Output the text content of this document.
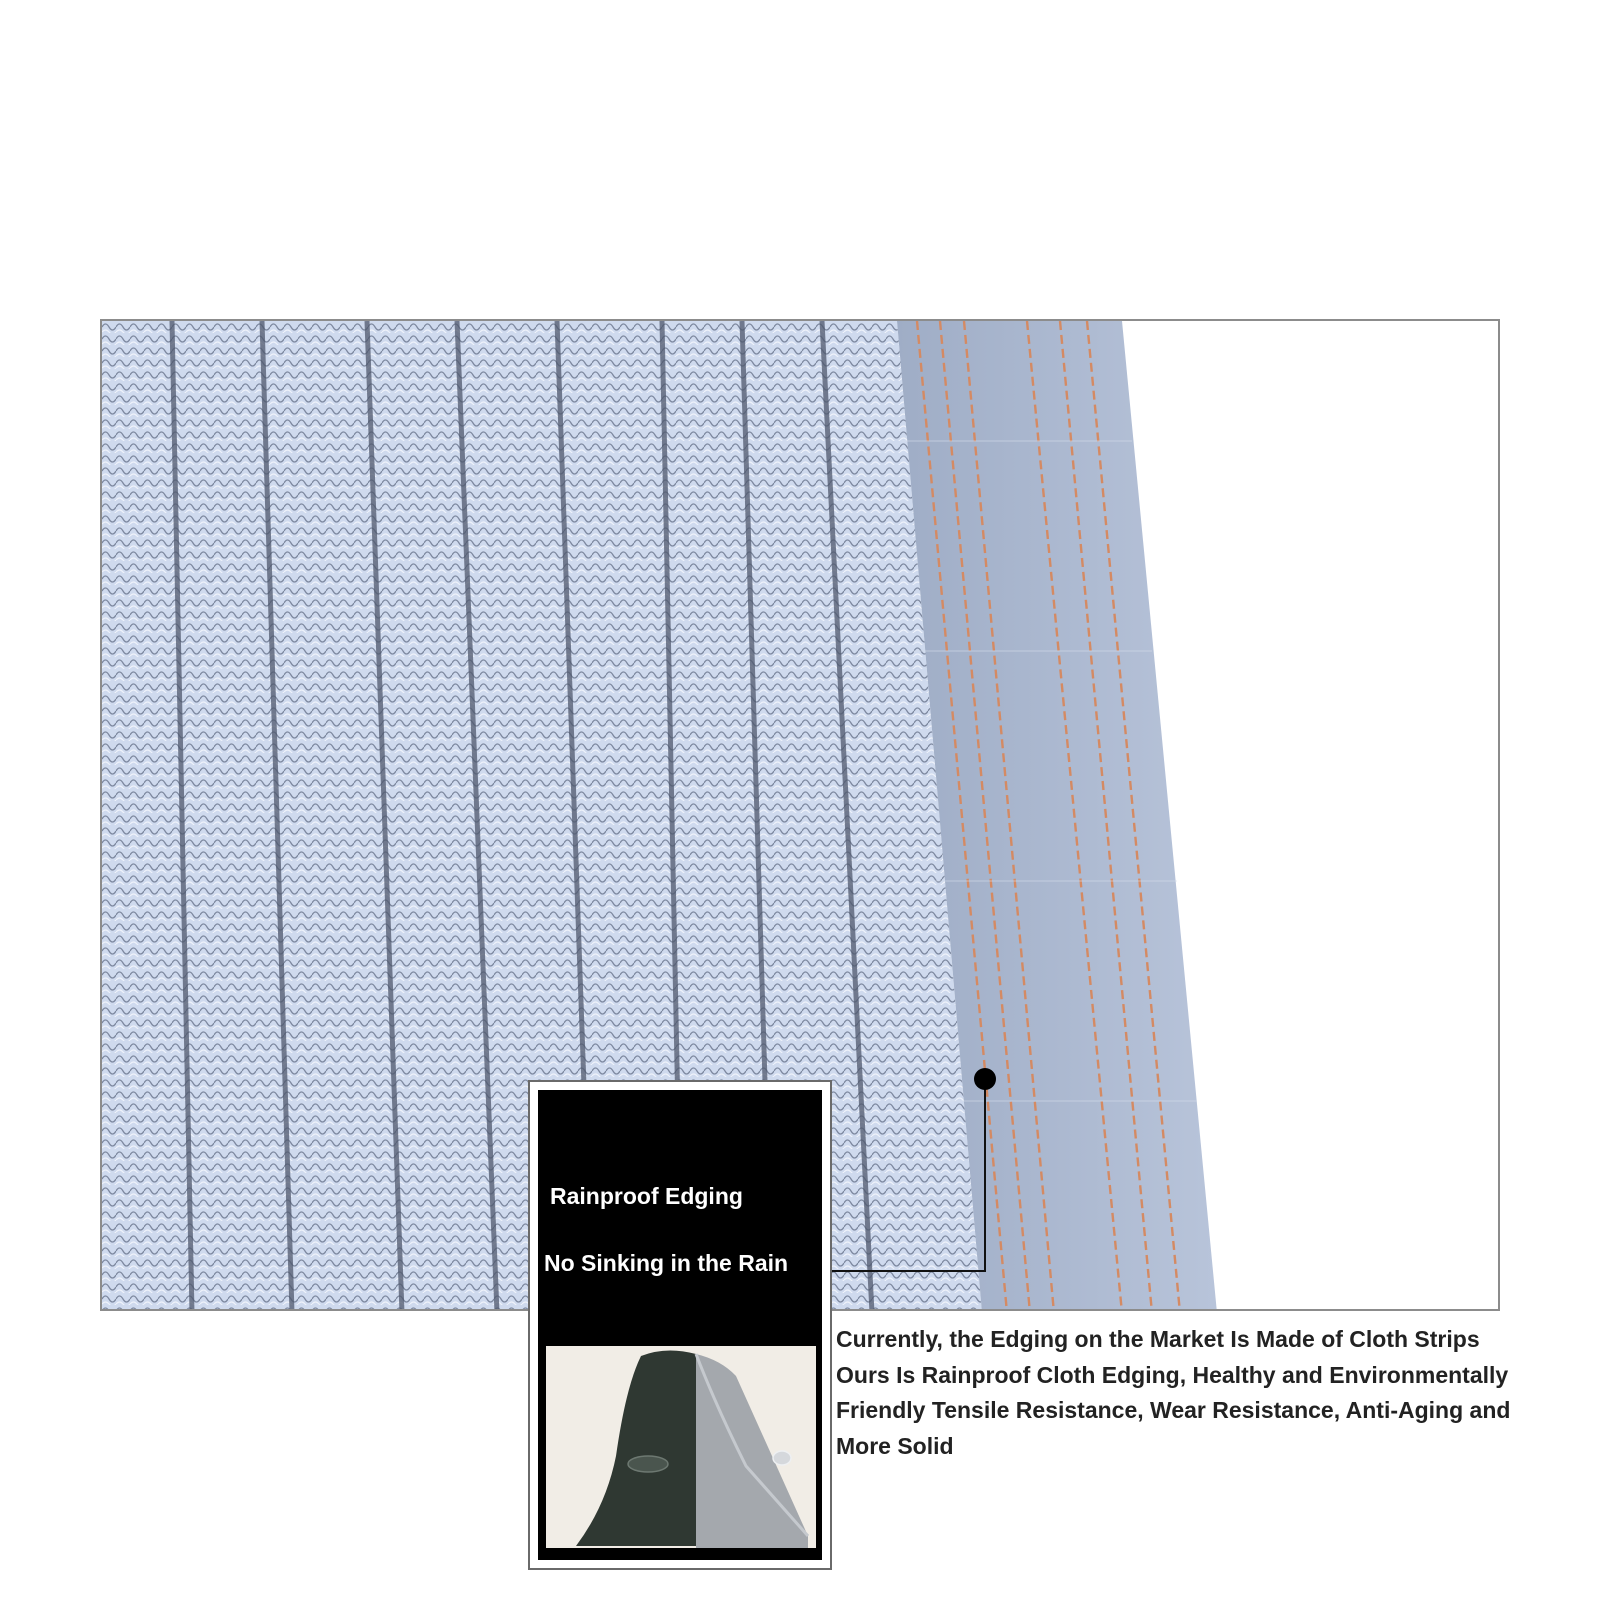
Rainproof Edging
No Sinking in the Rain
Currently, the Edging on the Market Is Made of Cloth Strips
Ours Is Rainproof Cloth Edging, Healthy and Environmentally
Friendly Tensile Resistance, Wear Resistance, Anti-Aging and
More Solid
